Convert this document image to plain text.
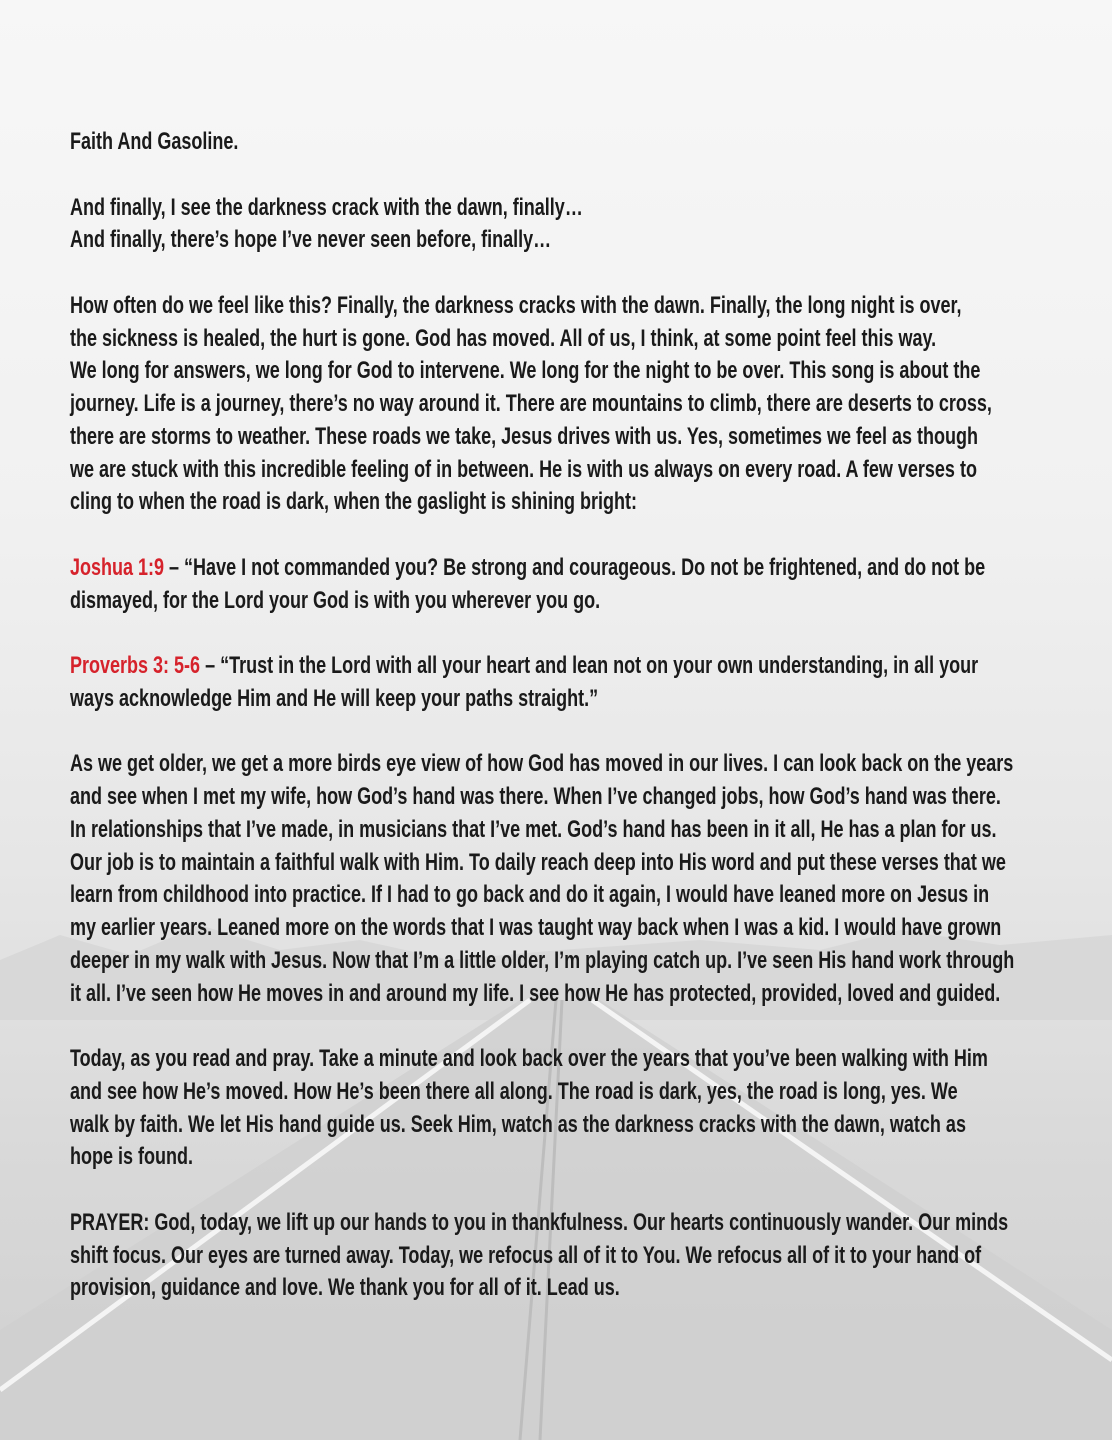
Faith And Gasoline.
And finally, I see the darkness crack with the dawn, finally…
And finally, there’s hope I’ve never seen before, finally…
How often do we feel like this? Finally, the darkness cracks with the dawn. Finally, the long night is over,
the sickness is healed, the hurt is gone. God has moved. All of us, I think, at some point feel this way.
We long for answers, we long for God to intervene. We long for the night to be over. This song is about the
journey. Life is a journey, there’s no way around it. There are mountains to climb, there are deserts to cross,
there are storms to weather. These roads we take, Jesus drives with us. Yes, sometimes we feel as though
we are stuck with this incredible feeling of in between. He is with us always on every road. A few verses to
cling to when the road is dark, when the gaslight is shining bright:
Joshua 1:9 – “Have I not commanded you? Be strong and courageous. Do not be frightened, and do not be
dismayed, for the Lord your God is with you wherever you go.
Proverbs 3: 5-6 – “Trust in the Lord with all your heart and lean not on your own understanding, in all your
ways acknowledge Him and He will keep your paths straight.”
As we get older, we get a more birds eye view of how God has moved in our lives. I can look back on the years
and see when I met my wife, how God’s hand was there. When I’ve changed jobs, how God’s hand was there.
In relationships that I’ve made, in musicians that I’ve met. God’s hand has been in it all, He has a plan for us.
Our job is to maintain a faithful walk with Him. To daily reach deep into His word and put these verses that we
learn from childhood into practice. If I had to go back and do it again, I would have leaned more on Jesus in
my earlier years. Leaned more on the words that I was taught way back when I was a kid. I would have grown
deeper in my walk with Jesus. Now that I’m a little older, I’m playing catch up. I’ve seen His hand work through
it all. I’ve seen how He moves in and around my life. I see how He has protected, provided, loved and guided.
Today, as you read and pray. Take a minute and look back over the years that you’ve been walking with Him
and see how He’s moved. How He’s been there all along. The road is dark, yes, the road is long, yes. We
walk by faith. We let His hand guide us. Seek Him, watch as the darkness cracks with the dawn, watch as
hope is found.
PRAYER: God, today, we lift up our hands to you in thankfulness. Our hearts continuously wander. Our minds
shift focus. Our eyes are turned away. Today, we refocus all of it to You. We refocus all of it to your hand of
provision, guidance and love. We thank you for all of it. Lead us.
